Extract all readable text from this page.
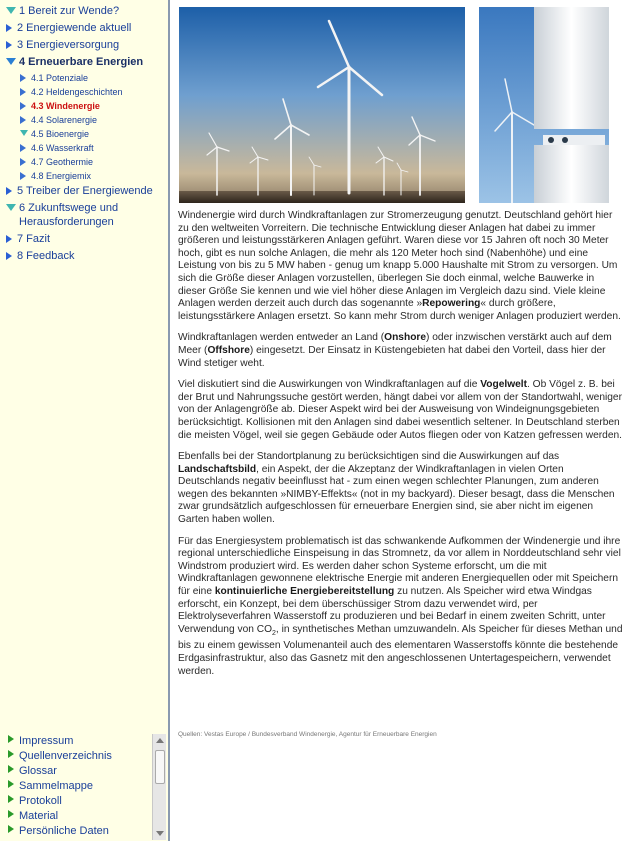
1 Bereit zur Wende?
2 Energiewende aktuell
3 Energieversorgung
4 Erneuerbare Energien
4.1 Potenziale
4.2 Heldengeschichten
4.3 Windenergie
4.4 Solarenergie
4.5 Bioenergie
4.6 Wasserkraft
4.7 Geothermie
4.8 Energiemix
5 Treiber der Energiewende
6 Zukunftswege und Herausforderungen
7 Fazit
8 Feedback
Impressum
Quellenverzeichnis
Glossar
Sammelmappe
Protokoll
Material
Persönliche Daten

Windenergie wird durch Windkraftanlagen zur Stromerzeugung genutzt. Deutschland gehört hier zu den weltweiten Vorreitern. Die technische Entwicklung dieser Anlagen hat dabei zu immer größeren und leistungsstärkeren Anlagen geführt. Waren diese vor 15 Jahren oft noch 30 Meter hoch, gibt es nun solche Anlagen, die mehr als 120 Meter hoch sind (Nabenhöhe) und eine Leistung von bis zu 5 MW haben - genug um knapp 5.000 Haushalte mit Strom zu versorgen. Um sich die Größe dieser Anlagen vorzustellen, überlegen Sie doch einmal, welche Bauwerke in dieser Größe Sie kennen und wie viel höher diese Anlagen im Vergleich dazu sind. Viele kleine Anlagen werden derzeit auch durch das sogenannte »Repowering« durch größere, leistungsstärkere Anlagen ersetzt. So kann mehr Strom durch weniger Anlagen produziert werden.

Windkraftanlagen werden entweder an Land (Onshore) oder inzwischen verstärkt auch auf dem Meer (Offshore) eingesetzt. Der Einsatz in Küstengebieten hat dabei den Vorteil, dass hier der Wind stetiger weht.

Viel diskutiert sind die Auswirkungen von Windkraftanlagen auf die Vogelwelt. Ob Vögel z. B. bei der Brut und Nahrungssuche gestört werden, hängt dabei vor allem von der Standortwahl, weniger von der Anlagengröße ab. Dieser Aspekt wird bei der Ausweisung von Windeignungsgebieten berücksichtigt. Kollisionen mit den Anlagen sind dabei wesentlich seltener. In Deutschland sterben die meisten Vögel, weil sie gegen Gebäude oder Autos fliegen oder von Katzen gefressen werden.

Ebenfalls bei der Standortplanung zu berücksichtigen sind die Auswirkungen auf das Landschaftsbild, ein Aspekt, der die Akzeptanz der Windkraftanlagen in vielen Orten Deutschlands negativ beeinflusst hat - zum einen wegen schlechter Planungen, zum anderen wegen des bekannten »NIMBY-Effekts« (not in my backyard). Dieser besagt, dass die Menschen zwar grundsätzlich aufgeschlossen für erneuerbare Energien sind, sie aber nicht im eigenen Garten haben wollen.

Für das Energiesystem problematisch ist das schwankende Aufkommen der Windenergie und ihre regional unterschiedliche Einspeisung in das Stromnetz, da vor allem in Norddeutschland sehr viel Windstrom produziert wird. Es werden daher schon Systeme erforscht, um die mit Windkraftanlagen gewonnene elektrische Energie mit anderen Energiequellen oder mit Speichern für eine kontinuierliche Energiebereitstellung zu nutzen. Als Speicher wird etwa Windgas erforscht, ein Konzept, bei dem überschüssiger Strom dazu verwendet wird, per Elektrolyseverfahren Wasserstoff zu produzieren und bei Bedarf in einem zweiten Schritt, unter Verwendung von $CO_2$, in synthetisches Methan umzuwandeln. Als Speicher für dieses Methan und bis zu einem gewissen Volumenanteil auch des elementaren Wasserstoffs könnte die bestehende Erdgasinfrastruktur, also das Gasnetz mit den angeschlossenen Untertagespeichern, verwendet werden.

Quellen: Vestas Europe / Bundesverband Windenergie, Agentur für Erneuerbare Energien
